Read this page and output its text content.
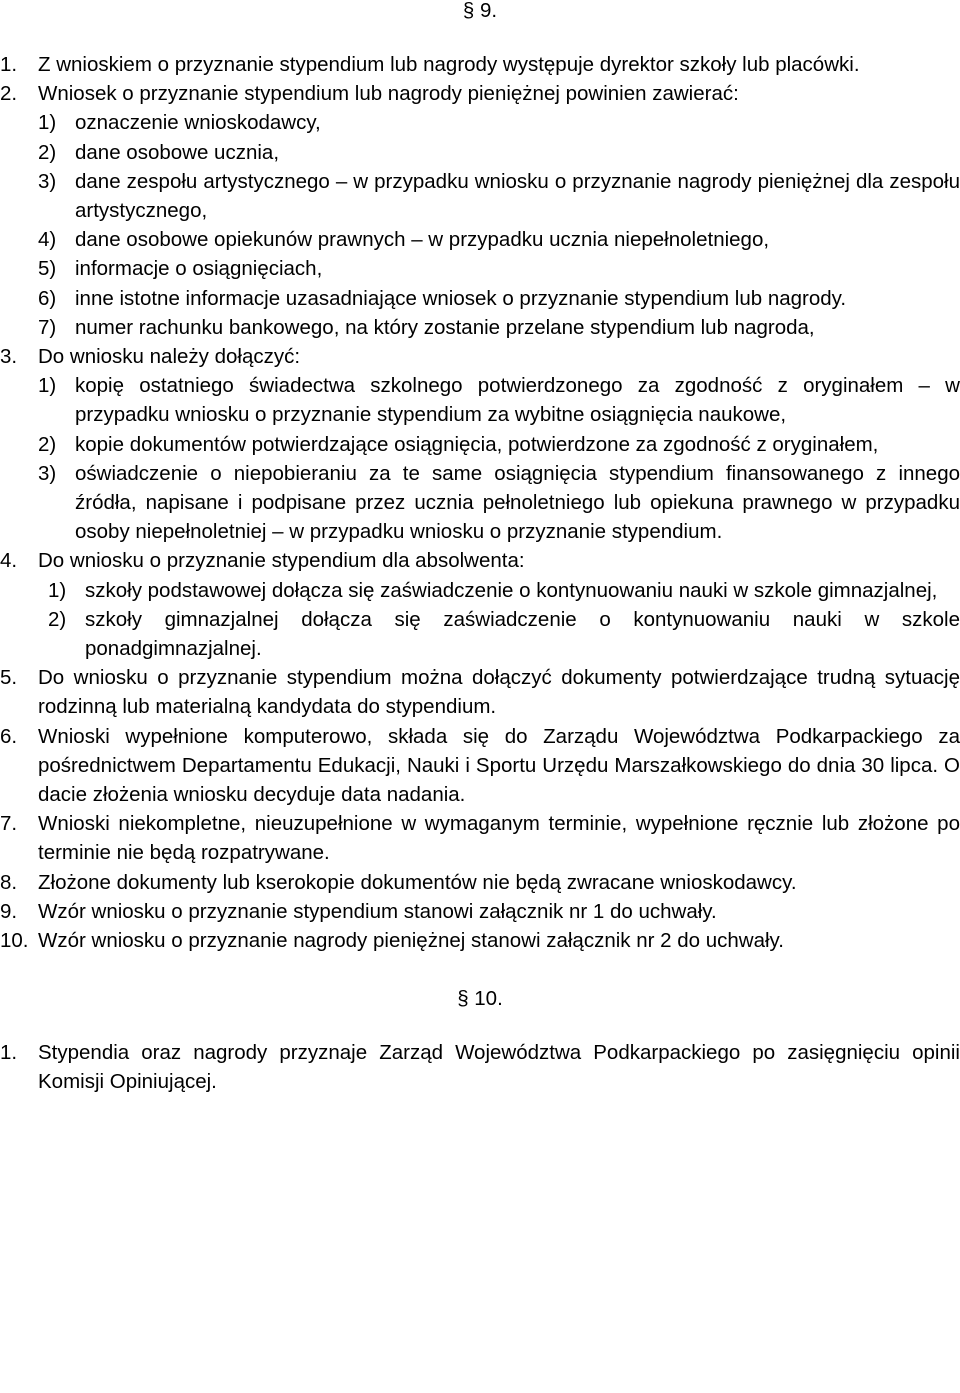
§ 9.
1.	Z wnioskiem o przyznanie stypendium lub nagrody występuje dyrektor szkoły lub placówki.
2.	Wniosek o przyznanie stypendium lub nagrody pieniężnej powinien zawierać:
1) oznaczenie wnioskodawcy,
2) dane osobowe ucznia,
3) dane zespołu artystycznego – w przypadku wniosku o przyznanie nagrody pieniężnej dla zespołu artystycznego,
4) dane osobowe opiekunów prawnych – w przypadku ucznia niepełnoletniego,
5) informacje o osiągnięciach,
6) inne istotne informacje uzasadniające wniosek o przyznanie stypendium lub nagrody.
7) numer rachunku bankowego, na który zostanie przelane stypendium lub nagroda,
3.	Do wniosku należy dołączyć:
1) kopię ostatniego świadectwa szkolnego potwierdzonego za zgodność z oryginałem – w przypadku wniosku o przyznanie stypendium za wybitne osiągnięcia naukowe,
2) kopie dokumentów potwierdzające osiągnięcia, potwierdzone za zgodność z oryginałem,
3) oświadczenie o niepobieraniu za te same osiągnięcia stypendium finansowanego z innego źródła, napisane i podpisane przez ucznia pełnoletniego lub opiekuna prawnego w przypadku osoby niepełnoletniej – w przypadku wniosku o przyznanie stypendium.
4.	Do wniosku o przyznanie stypendium dla absolwenta:
1) szkoły podstawowej dołącza się zaświadczenie o kontynuowaniu nauki w szkole gimnazjalnej,
2) szkoły gimnazjalnej dołącza się zaświadczenie o kontynuowaniu nauki w szkole ponadgimnazjalnej.
5.	Do wniosku o przyznanie stypendium można dołączyć dokumenty potwierdzające trudną sytuację rodzinną lub materialną kandydata do stypendium.
6.	Wnioski wypełnione komputerowo, składa się do Zarządu Województwa Podkarpackiego za pośrednictwem Departamentu Edukacji, Nauki i Sportu Urzędu Marszałkowskiego do dnia 30 lipca. O dacie złożenia wniosku decyduje data nadania.
7.	Wnioski niekompletne, nieuzupełnione w wymaganym terminie, wypełnione ręcznie lub złożone po terminie nie będą rozpatrywane.
8.	Złożone dokumenty lub kserokopie dokumentów nie będą zwracane wnioskodawcy.
9.	Wzór wniosku o przyznanie stypendium stanowi załącznik nr 1 do uchwały.
10. Wzór wniosku o przyznanie nagrody pieniężnej stanowi załącznik nr 2 do uchwały.
§ 10.
1.	Stypendia oraz nagrody przyznaje Zarząd Województwa Podkarpackiego po zasięgnięciu opinii Komisji Opiniującej.
